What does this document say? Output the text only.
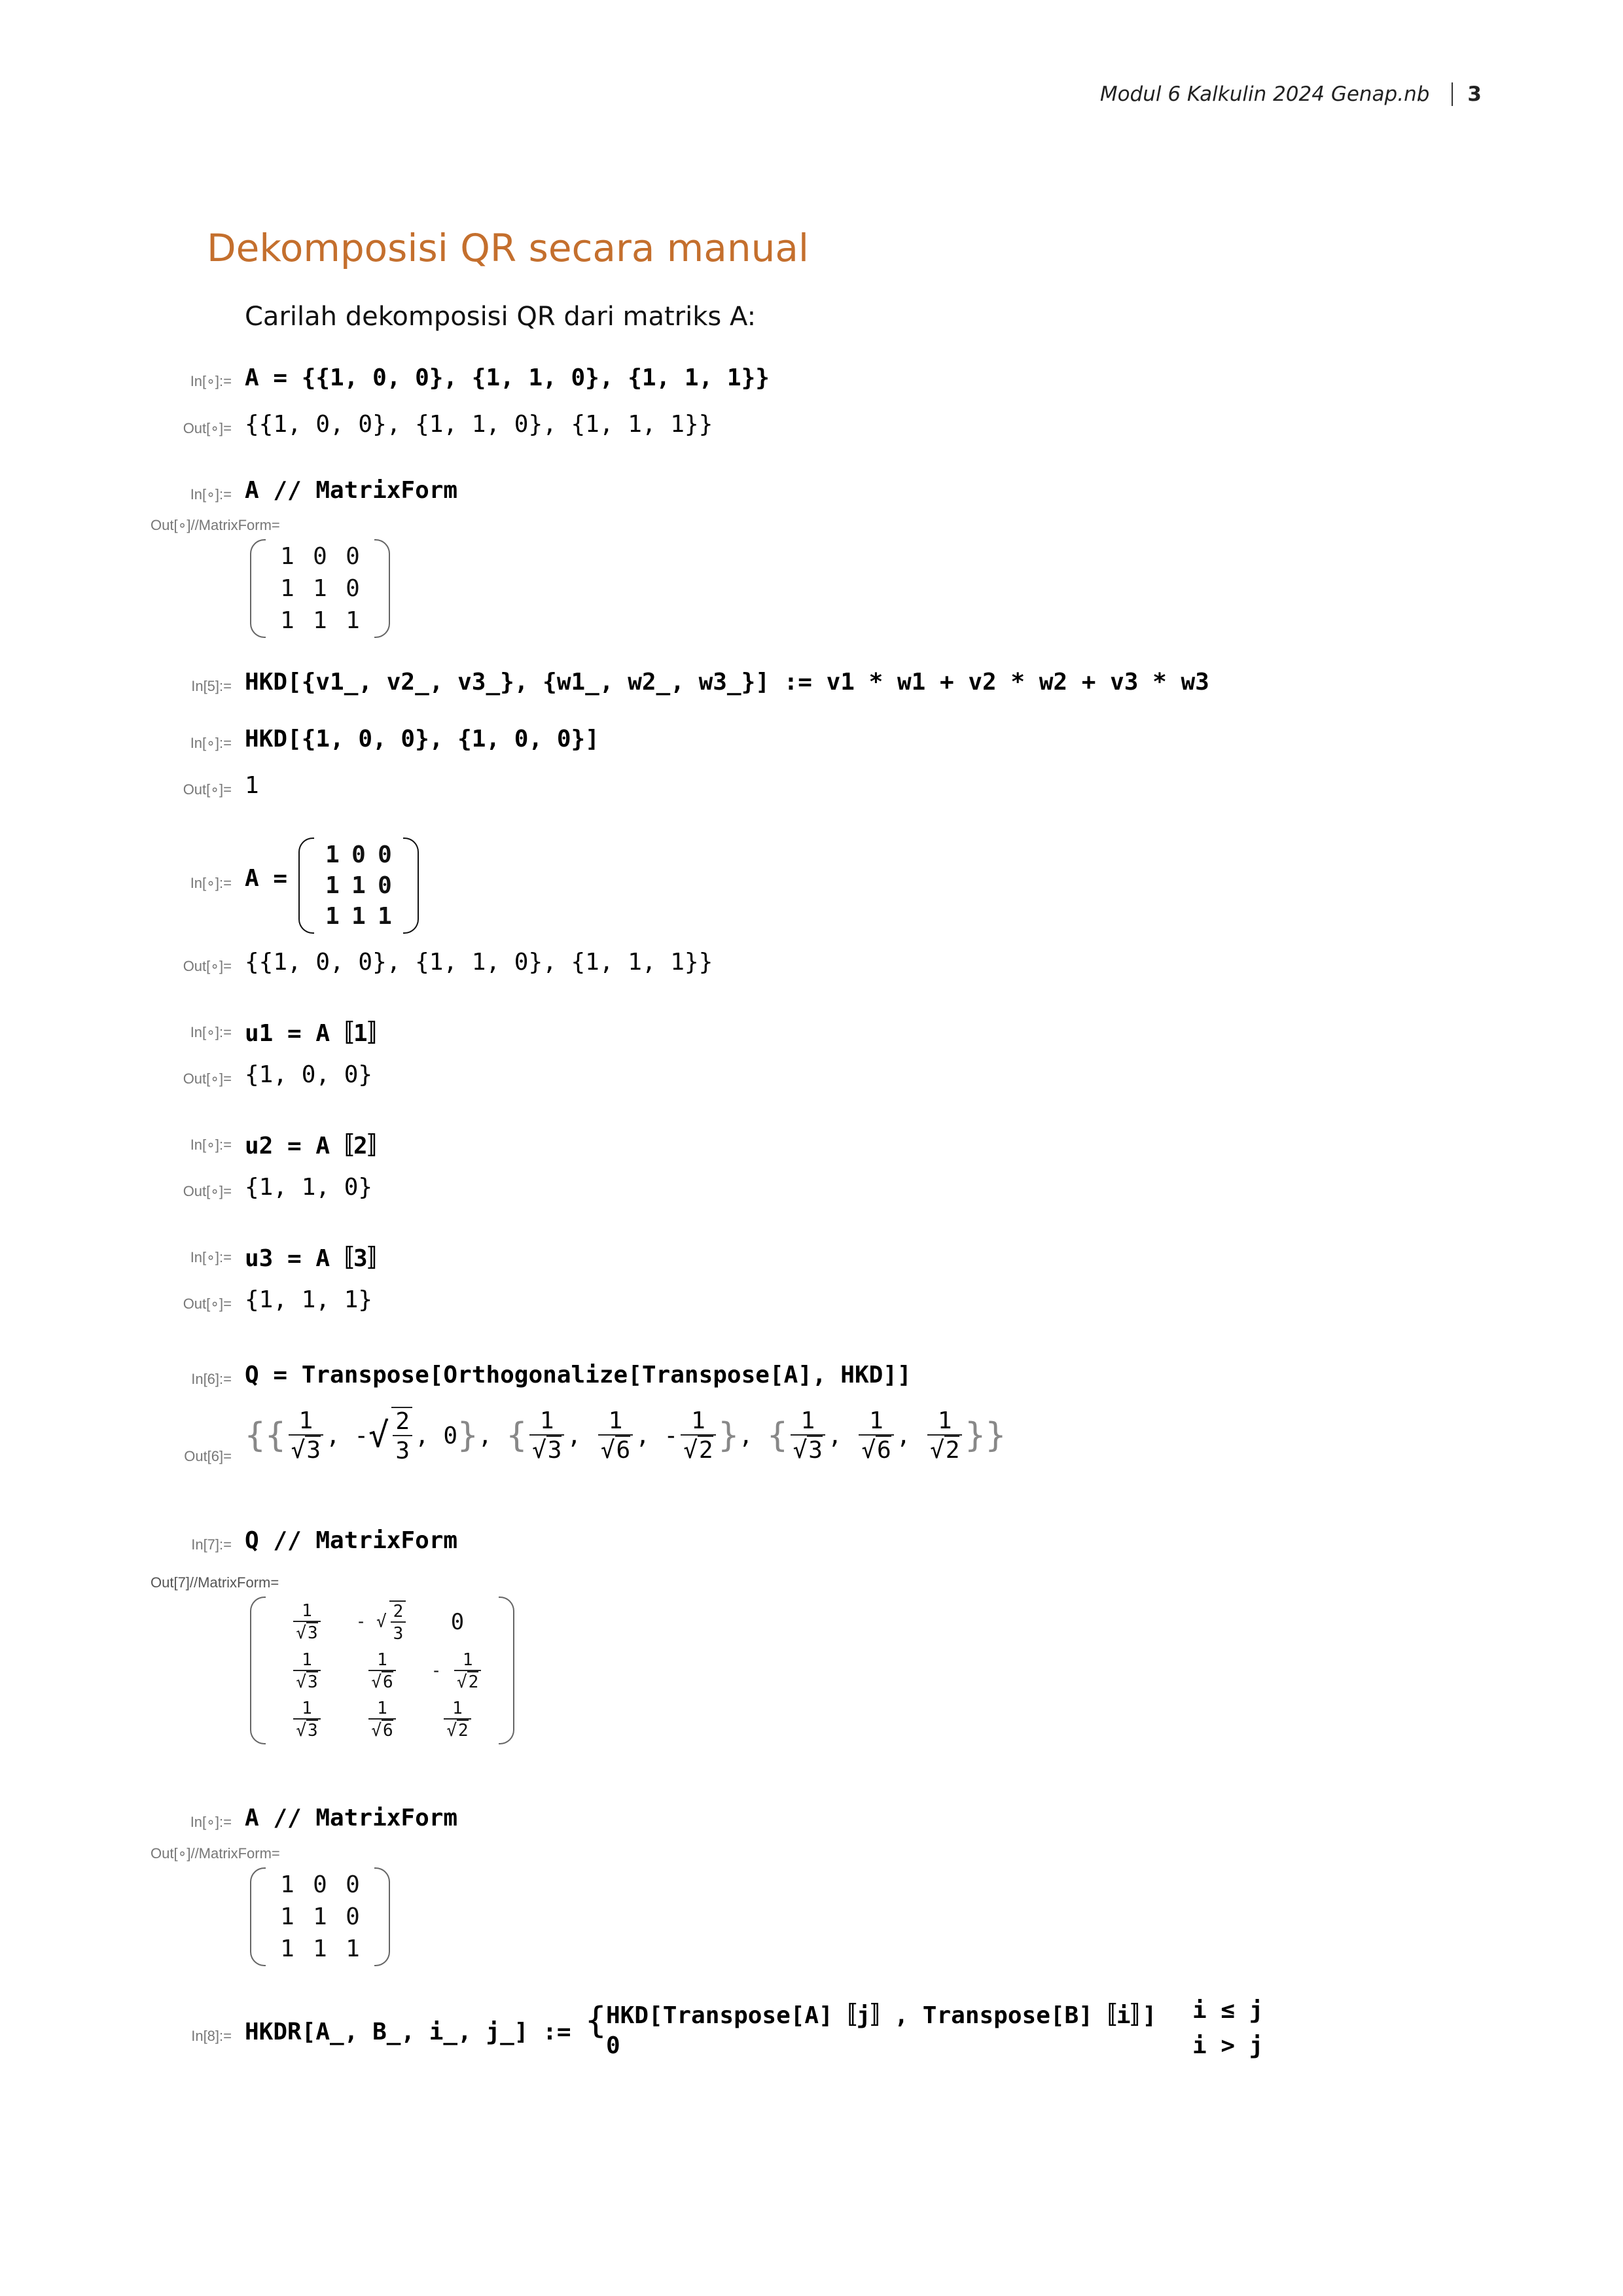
Modul 6 Kalkulin 2024 Genap.nb 3
Dekomposisi QR secara manual
Carilah dekomposisi QR dari matriks A:
In[∘]:= A = {{1, 0, 0}, {1, 1, 0}, {1, 1, 1}}
Out[∘]= {{1, 0, 0}, {1, 1, 0}, {1, 1, 1}}
In[∘]:= A // MatrixForm
Out[∘]//MatrixForm=
1 0 0
1 1 0
1 1 1
In[5]:= HKD[{v1_, v2_, v3_}, {w1_, w2_, w3_}] := v1 * w1 + v2 * w2 + v3 * w3
In[∘]:= HKD[{1, 0, 0}, {1, 0, 0}]
Out[∘]= 1
In[∘]:= A =
1 0 0
1 1 0
1 1 1
Out[∘]= {{1, 0, 0}, {1, 1, 0}, {1, 1, 1}}
In[∘]:= u1 = A〚1〛
Out[∘]= {1, 0, 0}
In[∘]:= u2 = A〚2〛
Out[∘]= {1, 1, 0}
In[∘]:= u3 = A〚3〛
Out[∘]= {1, 1, 1}
In[6]:= Q = Transpose[Orthogonalize[Transpose[A], HKD]]
Out[6]=
{{ $\frac{1}{√3}$ , - √ $\frac{2}{3}$ , 0 } , { $\frac{1}{√3}$ , $\frac{1}{√6}$ , - $\frac{1}{√2}$ } , { $\frac{1}{√3}$ , $\frac{1}{√6}$ , $\frac{1}{√2}$ }}
In[7]:= Q // MatrixForm
Out[7]//MatrixForm=
$\frac{1}{√3}$ - √ $\frac{2}{3}$	0
$\frac{1}{√3} \frac{1}{√6} - \frac{1}{√2}$
$\frac{1}{√3} \frac{1}{√6} \frac{1}{√2}$
In[∘]:= A // MatrixForm
Out[∘]//MatrixForm=
1 0 0
1 1 0
1 1 1
In[8]:= HKDR[A_, B_, i_, j_] := { HKD[Transpose[A]〚j〛, Transpose[B]〚i〛] i ≤ j
0	i > j
